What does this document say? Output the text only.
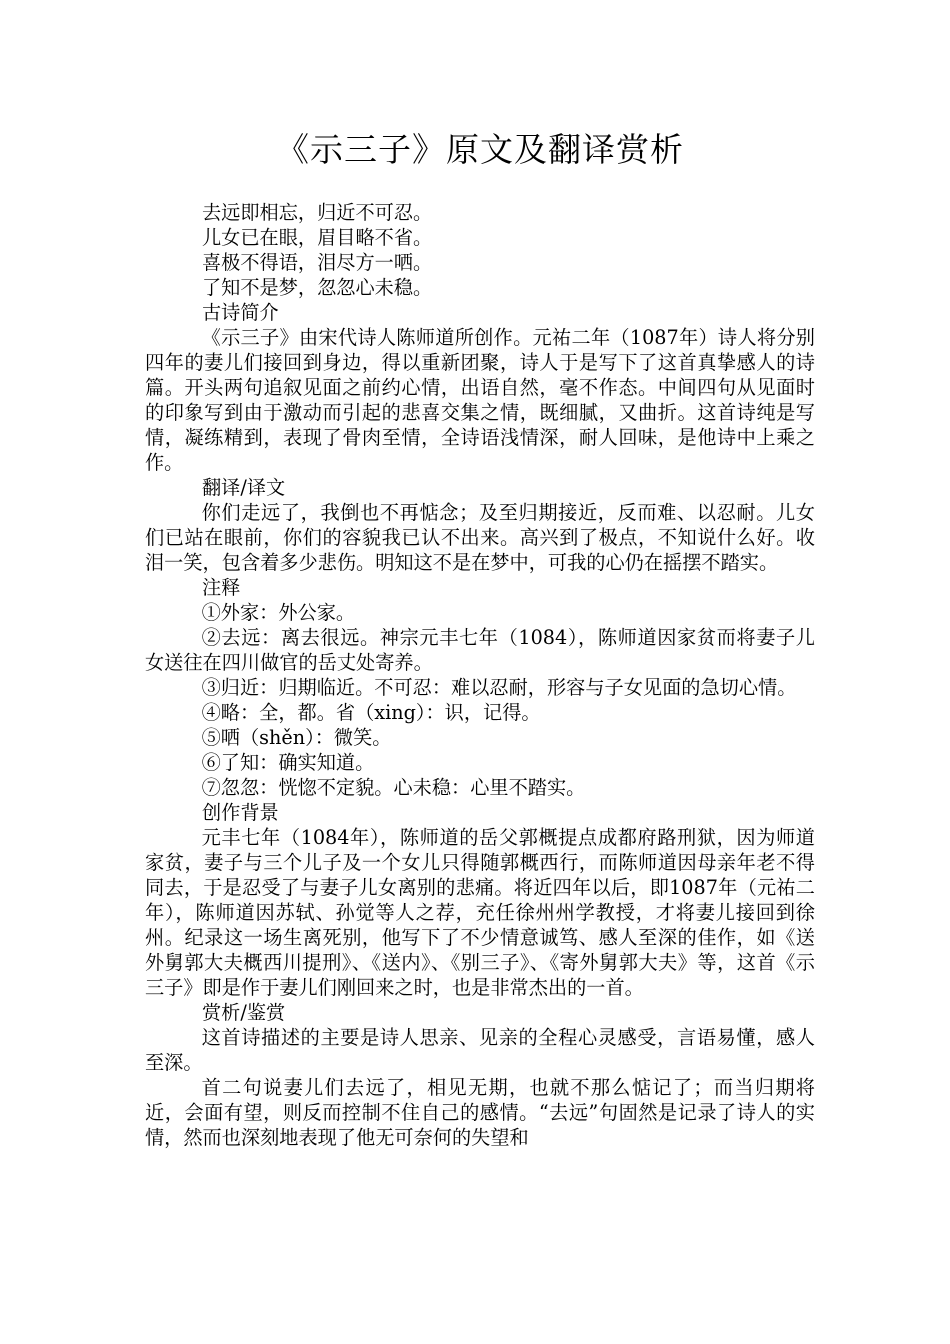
《示三子》原文及翻译赏析

去远即相忘，归近不可忍。

儿女已在眼，眉目略不省。

喜极不得语，泪尽方一哂。

了知不是梦，忽忽心未稳。

古诗简介

《示三子》由宋代诗人陈师道所创作。元祐二年（1087年）诗人将分别四年的妻儿们接回到身边，得以重新团聚，诗人于是写下了这首真挚感人的诗篇。开头两句追叙见面之前约心情，出语自然，毫不作态。中间四句从见面时的印象写到由于激动而引起的悲喜交集之情，既细腻，又曲折。这首诗纯是写情，凝练精到，表现了骨肉至情，全诗语浅情深，耐人回味，是他诗中上乘之作。

翻译/译文

你们走远了，我倒也不再惦念；及至归期接近，反而难、以忍耐。儿女们已站在眼前，你们的容貌我已认不出来。高兴到了极点，不知说什么好。收泪一笑，包含着多少悲伤。明知这不是在梦中，可我的心仍在摇摆不踏实。

注释

①外家：外公家。

②去远：离去很远。神宗元丰七年（1084），陈师道因家贫而将妻子儿女送往在四川做官的岳丈处寄养。

③归近：归期临近。不可忍：难以忍耐，形容与子女见面的急切心情。

④略：全，都。省（xing）：识，记得。

⑤哂（shěn）：微笑。

⑥了知：确实知道。

⑦忽忽：恍惚不定貌。心未稳：心里不踏实。

创作背景

元丰七年（1084年），陈师道的岳父郭概提点成都府路刑狱，因为师道家贫，妻子与三个儿子及一个女儿只得随郭概西行，而陈师道因母亲年老不得同去，于是忍受了与妻子儿女离别的悲痛。将近四年以后，即1087年（元祐二年），陈师道因苏轼、孙觉等人之荐，充任徐州州学教授，才将妻儿接回到徐州。纪录这一场生离死别，他写下了不少情意诚笃、感人至深的佳作，如《送外舅郭大夫概西川提刑》、《送内》、《别三子》、《寄外舅郭大夫》等，这首《示三子》即是作于妻儿们刚回来之时，也是非常杰出的一首。

赏析/鉴赏

这首诗描述的主要是诗人思亲、见亲的全程心灵感受，言语易懂，感人至深。

首二句说妻儿们去远了，相见无期，也就不那么惦记了；而当归期将近，会面有望，则反而控制不住自己的感情。“去远”句固然是记录了诗人的实情，然而也深刻地表现了他无可奈何的失望和
